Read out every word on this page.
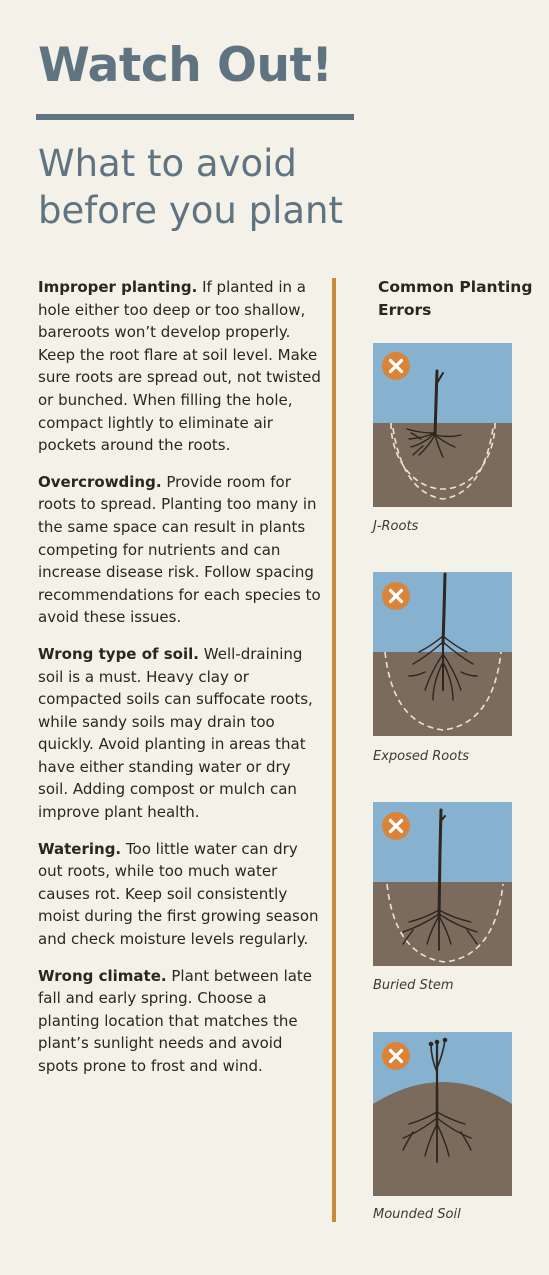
Watch Out!
What to avoid before you plant

Improper planting. If planted in a hole either too deep or too shallow, bareroots won’t develop properly. Keep the root flare at soil level. Make sure roots are spread out, not twisted or bunched. When filling the hole, compact lightly to eliminate air pockets around the roots.

Overcrowding. Provide room for roots to spread. Planting too many in the same space can result in plants competing for nutrients and can increase disease risk. Follow spacing recommendations for each species to avoid these issues.

Wrong type of soil. Well-draining soil is a must. Heavy clay or compacted soils can suffocate roots, while sandy soils may drain too quickly. Avoid planting in areas that have either standing water or dry soil. Adding compost or mulch can improve plant health.

Watering. Too little water can dry out roots, while too much water causes rot. Keep soil consistently moist during the first growing season and check moisture levels regularly.

Wrong climate. Plant between late fall and early spring. Choose a planting location that matches the plant’s sunlight needs and avoid spots prone to frost and wind.

Common Planting Errors
J-Roots
Exposed Roots
Buried Stem
Mounded Soil
